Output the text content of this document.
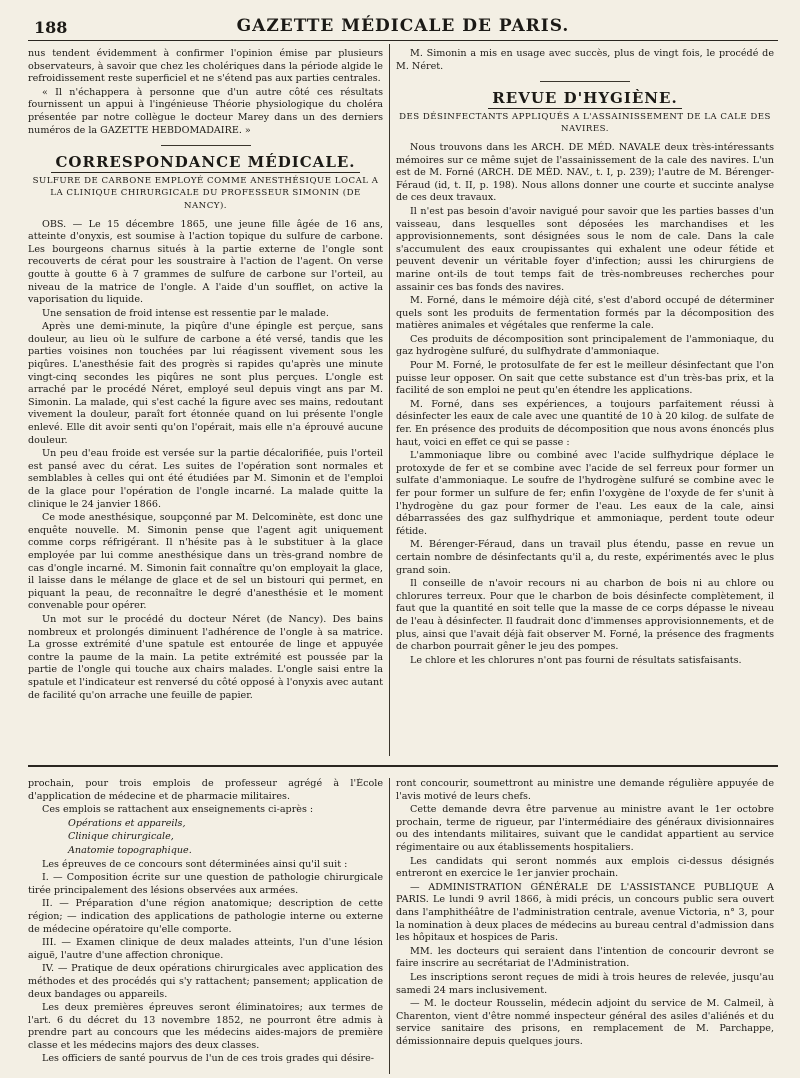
188	GAZETTE MÉDICALE DE PARIS.

nus tendent évidemment à confirmer l'opinion émise par plusieurs observateurs, à savoir que chez les cholériques dans la période algide le refroidissement reste superficiel et ne s'étend pas aux parties centrales.

« Il n'échappera à personne que d'un autre côté ces résultats fournissent un appui à l'ingénieuse Théorie physiologique du choléra présentée par notre collègue le docteur Marey dans un des derniers numéros de la GAZETTE HEBDOMADAIRE. »

CORRESPONDANCE MÉDICALE.

SULFURE DE CARBONE EMPLOYÉ COMME ANESTHÉSIQUE LOCAL A LA CLINIQUE CHIRURGICALE DU PROFESSEUR SIMONIN (DE NANCY).

OBS. — Le 15 décembre 1865, une jeune fille âgée de 16 ans, atteinte d'onyxis, est soumise à l'action topique du sulfure de carbone. Les bourgeons charnus situés à la partie externe de l'ongle sont recouverts de cérat pour les soustraire à l'action de l'agent. On verse goutte à goutte 6 à 7 grammes de sulfure de carbone sur l'orteil, au niveau de la matrice de l'ongle. A l'aide d'un soufflet, on active la vaporisation du liquide.

Une sensation de froid intense est ressentie par le malade.

Après une demi-minute, la piqûre d'une épingle est perçue, sans douleur, au lieu où le sulfure de carbone a été versé, tandis que les parties voisines non touchées par lui réagissent vivement sous les piqûres. L'anesthésie fait des progrès si rapides qu'après une minute vingt-cinq secondes les piqûres ne sont plus perçues. L'ongle est arraché par le procédé Néret, employé seul depuis vingt ans par M. Simonin. La malade, qui s'est caché la figure avec ses mains, redoutant vivement la douleur, paraît fort étonnée quand on lui présente l'ongle enlevé. Elle dit avoir senti qu'on l'opérait, mais elle n'a éprouvé aucune douleur.

Un peu d'eau froide est versée sur la partie décalorifiée, puis l'orteil est pansé avec du cérat. Les suites de l'opération sont normales et semblables à celles qui ont été étudiées par M. Simonin et de l'emploi de la glace pour l'opération de l'ongle incarné. La malade quitte la clinique le 24 janvier 1866.

Ce mode anesthésique, soupçonné par M. Delcominète, est donc une enquête nouvelle. M. Simonin pense que l'agent agit uniquement comme corps réfrigérant. Il n'hésite pas à le substituer à la glace employée par lui comme anesthésique dans un très-grand nombre de cas d'ongle incarné. M. Simonin fait connaître qu'on employait la glace, il laisse dans le mélange de glace et de sel un bistouri qui permet, en piquant la peau, de reconnaître le degré d'anesthésie et le moment convenable pour opérer.

Un mot sur le procédé du docteur Néret (de Nancy). Des bains nombreux et prolongés diminuent l'adhérence de l'ongle à sa matrice. La grosse extrémité d'une spatule est entourée de linge et appuyée contre la paume de la main. La petite extrémité est poussée par la partie de l'ongle qui touche aux chairs malades. L'ongle saisi entre la spatule et l'indicateur est renversé du côté opposé à l'onyxis avec autant de facilité qu'on arrache une feuille de papier.

M. Simonin a mis en usage avec succès, plus de vingt fois, le procédé de M. Néret.

REVUE D'HYGIÈNE.

DES DÉSINFECTANTS APPLIQUÉS A L'ASSAINISSEMENT DE LA CALE DES NAVIRES.

Nous trouvons dans les ARCH. DE MÉD. NAVALE deux très-intéressants mémoires sur ce même sujet de l'assainissement de la cale des navires. L'un est de M. Forné (ARCH. DE MÉD. NAV., t. I, p. 239); l'autre de M. Bérenger-Féraud (id, t. II, p. 198). Nous allons donner une courte et succinte analyse de ces deux travaux.

Il n'est pas besoin d'avoir navigué pour savoir que les parties basses d'un vaisseau, dans lesquelles sont déposées les marchandises et les approvisionnements, sont désignées sous le nom de cale. Dans la cale s'accumulent des eaux croupissantes qui exhalent une odeur fétide et peuvent devenir un véritable foyer d'infection; aussi les chirurgiens de marine ont-ils de tout temps fait de très-nombreuses recherches pour assainir ces bas fonds des navires.

M. Forné, dans le mémoire déjà cité, s'est d'abord occupé de déterminer quels sont les produits de fermentation formés par la décomposition des matières animales et végétales que renferme la cale.

Ces produits de décomposition sont principalement de l'ammoniaque, du gaz hydrogène sulfuré, du sulfhydrate d'ammoniaque.

Pour M. Forné, le protosulfate de fer est le meilleur désinfectant que l'on puisse leur opposer. On sait que cette substance est d'un très-bas prix, et la facilité de son emploi ne peut qu'en étendre les applications.

M. Forné, dans ses expériences, a toujours parfaitement réussi à désinfecter les eaux de cale avec une quantité de 10 à 20 kilog. de sulfate de fer. En présence des produits de décomposition que nous avons énoncés plus haut, voici en effet ce qui se passe :

L'ammoniaque libre ou combiné avec l'acide sulfhydrique déplace le protoxyde de fer et se combine avec l'acide de sel ferreux pour former un sulfate d'ammoniaque. Le soufre de l'hydrogène sulfuré se combine avec le fer pour former un sulfure de fer; enfin l'oxygène de l'oxyde de fer s'unit à l'hydrogène du gaz pour former de l'eau. Les eaux de la cale, ainsi débarrassées des gaz sulfhydrique et ammoniaque, perdent toute odeur fétide.

M. Bérenger-Féraud, dans un travail plus étendu, passe en revue un certain nombre de désinfectants qu'il a, du reste, expérimentés avec le plus grand soin.

Il conseille de n'avoir recours ni au charbon de bois ni au chlore ou chlorures terreux. Pour que le charbon de bois désinfecte complètement, il faut que la quantité en soit telle que la masse de ce corps dépasse le niveau de l'eau à désinfecter. Il faudrait donc d'immenses approvisionnements, et de plus, ainsi que l'avait déjà fait observer M. Forné, la présence des fragments de charbon pourrait gêner le jeu des pompes.

Le chlore et les chlorures n'ont pas fourni de résultats satisfaisants.

prochain, pour trois emplois de professeur agrégé à l'École d'application de médecine et de pharmacie militaires.

Ces emplois se rattachent aux enseignements ci-après :

Opérations et appareils,

Clinique chirurgicale,

Anatomie topographique.

Les épreuves de ce concours sont déterminées ainsi qu'il suit :

I. — Composition écrite sur une question de pathologie chirurgicale tirée principalement des lésions observées aux armées.

II. — Préparation d'une région anatomique; description de cette région; — indication des applications de pathologie interne ou externe de médecine opératoire qu'elle comporte.

III. — Examen clinique de deux malades atteints, l'un d'une lésion aiguë, l'autre d'une affection chronique.

IV. — Pratique de deux opérations chirurgicales avec application des méthodes et des procédés qui s'y rattachent; pansement; application de deux bandages ou appareils.

Les deux premières épreuves seront éliminatoires; aux termes de l'art. 6 du décret du 13 novembre 1852, ne pourront être admis à prendre part au concours que les médecins aides-majors de première classe et les médecins majors des deux classes.

Les officiers de santé pourvus de l'un de ces trois grades qui désire-

ront concourir, soumettront au ministre une demande régulière appuyée de l'avis motivé de leurs chefs.

Cette demande devra être parvenue au ministre avant le 1er octobre prochain, terme de rigueur, par l'intermédiaire des généraux divisionnaires ou des intendants militaires, suivant que le candidat appartient au service régimentaire ou aux établissements hospitaliers.

Les candidats qui seront nommés aux emplois ci-dessus désignés entreront en exercice le 1er janvier prochain.

— ADMINISTRATION GÉNÉRALE DE L'ASSISTANCE PUBLIQUE A PARIS. Le lundi 9 avril 1866, à midi précis, un concours public sera ouvert dans l'amphithéâtre de l'administration centrale, avenue Victoria, n° 3, pour la nomination à deux places de médecins au bureau central d'admission dans les hôpitaux et hospices de Paris.

MM. les docteurs qui seraient dans l'intention de concourir devront se faire inscrire au secrétariat de l'Administration.

Les inscriptions seront reçues de midi à trois heures de relevée, jusqu'au samedi 24 mars inclusivement.

— M. le docteur Rousselin, médecin adjoint du service de M. Calmeil, à Charenton, vient d'être nommé inspecteur général des asiles d'aliénés et du service sanitaire des prisons, en remplacement de M. Parchappe, démissionnaire depuis quelques jours.
